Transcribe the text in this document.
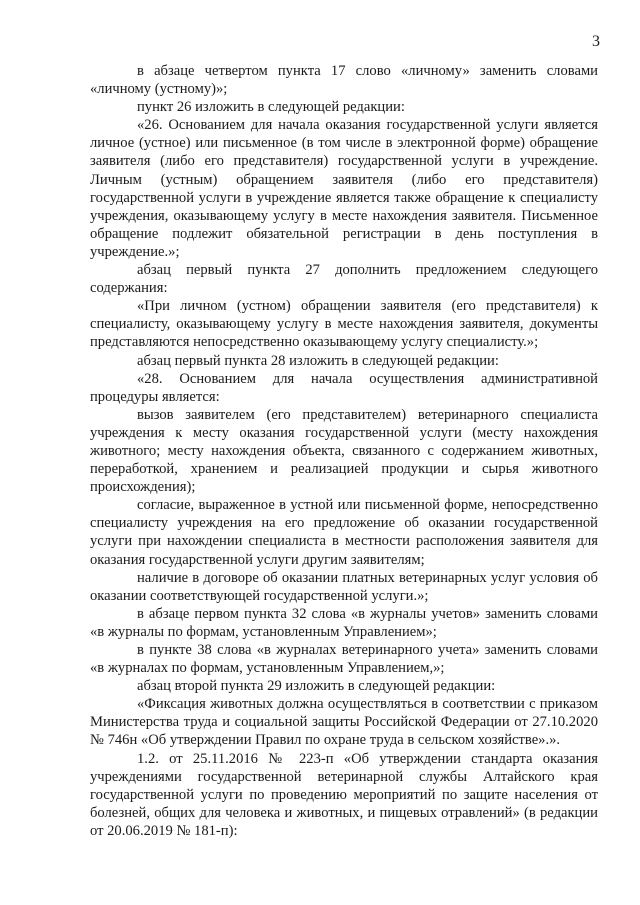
3

в абзаце четвертом пункта 17 слово «личному» заменить словами «личному (устному)»;

пункт 26 изложить в следующей редакции:

«26. Основанием для начала оказания государственной услуги является личное (устное) или письменное (в том числе в электронной форме) обращение заявителя (либо его представителя) государственной услуги в учреждение. Личным (устным) обращением заявителя (либо его представителя) государственной услуги в учреждение является также обращение к специалисту учреждения, оказывающему услугу в месте нахождения заявителя. Письменное обращение подлежит обязательной регистрации в день поступления в учреждение.»;

абзац первый пункта 27 дополнить предложением следующего содержания:

«При личном (устном) обращении заявителя (его представителя) к специалисту, оказывающему услугу в месте нахождения заявителя, документы представляются непосредственно оказывающему услугу специалисту.»;

абзац первый пункта 28 изложить в следующей редакции:

«28. Основанием для начала осуществления административной процедуры является:

вызов заявителем (его представителем) ветеринарного специалиста учреждения к месту оказания государственной услуги (месту нахождения животного; месту нахождения объекта, связанного с содержанием животных, переработкой, хранением и реализацией продукции и сырья животного происхождения);

согласие, выраженное в устной или письменной форме, непосредственно специалисту учреждения на его предложение об оказании государственной услуги при нахождении специалиста в местности расположения заявителя для оказания государственной услуги другим заявителям;

наличие в договоре об оказании платных ветеринарных услуг условия об оказании соответствующей государственной услуги.»;

в абзаце первом пункта 32 слова «в журналы учетов» заменить словами «в журналы по формам, установленным Управлением»;

в пункте 38 слова «в журналах ветеринарного учета» заменить словами «в журналах по формам, установленным Управлением,»;

абзац второй пункта 29 изложить в следующей редакции:

«Фиксация животных должна осуществляться в соответствии с приказом Министерства труда и социальной защиты Российской Федерации от 27.10.2020 № 746н «Об утверждении Правил по охране труда в сельском хозяйстве».».

1.2. от 25.11.2016 № 223-п «Об утверждении стандарта оказания учреждениями государственной ветеринарной службы Алтайского края государственной услуги по проведению мероприятий по защите населения от болезней, общих для человека и животных, и пищевых отравлений» (в редакции от 20.06.2019 № 181-п):
